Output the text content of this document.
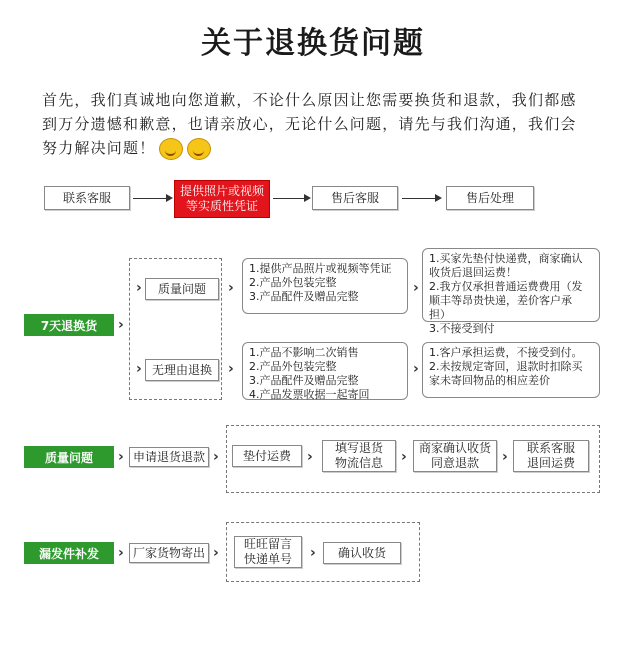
关于退换货问题
首先，我们真诚地向您道歉，不论什么原因让您需要换货和退款，我们都感到万分遗憾和歉意，也请亲放心，无论什么问题，请先与我们沟通，我们会努力解决问题！
联系客服	提供照片或视频
等实质性凭证
售后客服	售后处理
7天退换货	›
›	质量问题
› 无理由退换
›
1.提供产品照片或视频等凭证
2.产品外包装完整
3.产品配件及赠品完整
›
1.买家先垫付快递费，商家确认收货后退回运费！
2.我方仅承担普通运费费用（发顺丰等昂贵快递，差价客户承担）
3.不接受到付
›
1.产品不影响二次销售
2.产品外包装完整
3.产品配件及赠品完整
4.产品发票收据一起寄回
›
1.客户承担运费，不接受到付。
2.未按规定寄回，退款时扣除买家未寄回物品的相应差价
质量问题	› 申请退货退款 ›	垫付运费	›
填写退货
物流信息	›
商家确认收货
同意退款	›
联系客服
退回运费
漏发件补发	› 厂家货物寄出 ›
旺旺留言
快递单号	›	确认收货
